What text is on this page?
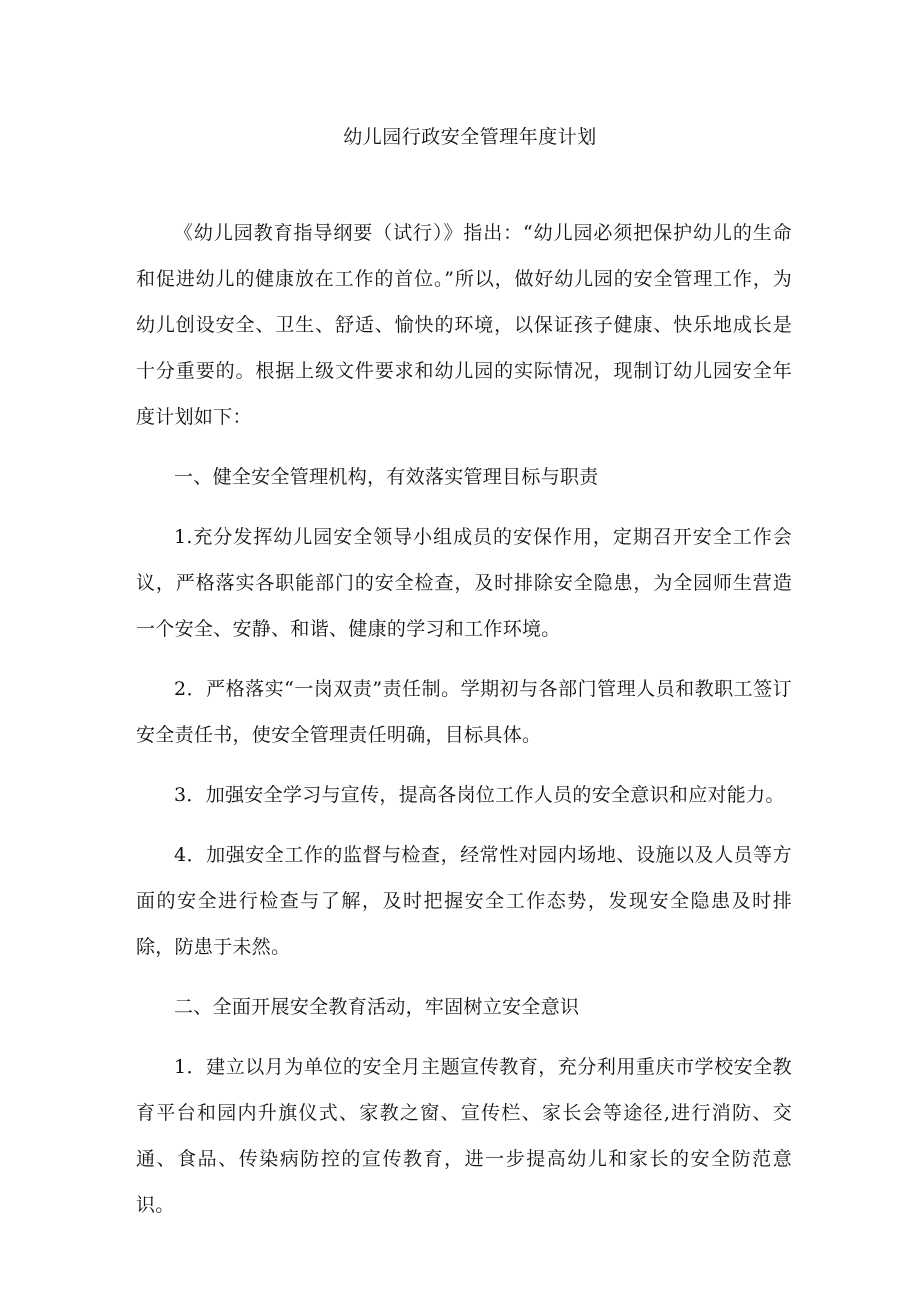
幼儿园行政安全管理年度计划

《幼儿园教育指导纲要（试行）》指出：“幼儿园必须把保护幼儿的生命和促进幼儿的健康放在工作的首位。”所以，做好幼儿园的安全管理工作，为幼儿创设安全、卫生、舒适、愉快的环境，以保证孩子健康、快乐地成长是十分重要的。根据上级文件要求和幼儿园的实际情况，现制订幼儿园安全年度计划如下：

一、健全安全管理机构，有效落实管理目标与职责

1.充分发挥幼儿园安全领导小组成员的安保作用，定期召开安全工作会议，严格落实各职能部门的安全检查，及时排除安全隐患，为全园师生营造一个安全、安静、和谐、健康的学习和工作环境。

2．严格落实“一岗双责”责任制。学期初与各部门管理人员和教职工签订安全责任书，使安全管理责任明确，目标具体。

3．加强安全学习与宣传，提高各岗位工作人员的安全意识和应对能力。

4．加强安全工作的监督与检查，经常性对园内场地、设施以及人员等方面的安全进行检查与了解，及时把握安全工作态势，发现安全隐患及时排除，防患于未然。

二、全面开展安全教育活动，牢固树立安全意识

1．建立以月为单位的安全月主题宣传教育，充分利用重庆市学校安全教育平台和园内升旗仪式、家教之窗、宣传栏、家长会等途径,进行消防、交通、食品、传染病防控的宣传教育，进一步提高幼儿和家长的安全防范意识。
